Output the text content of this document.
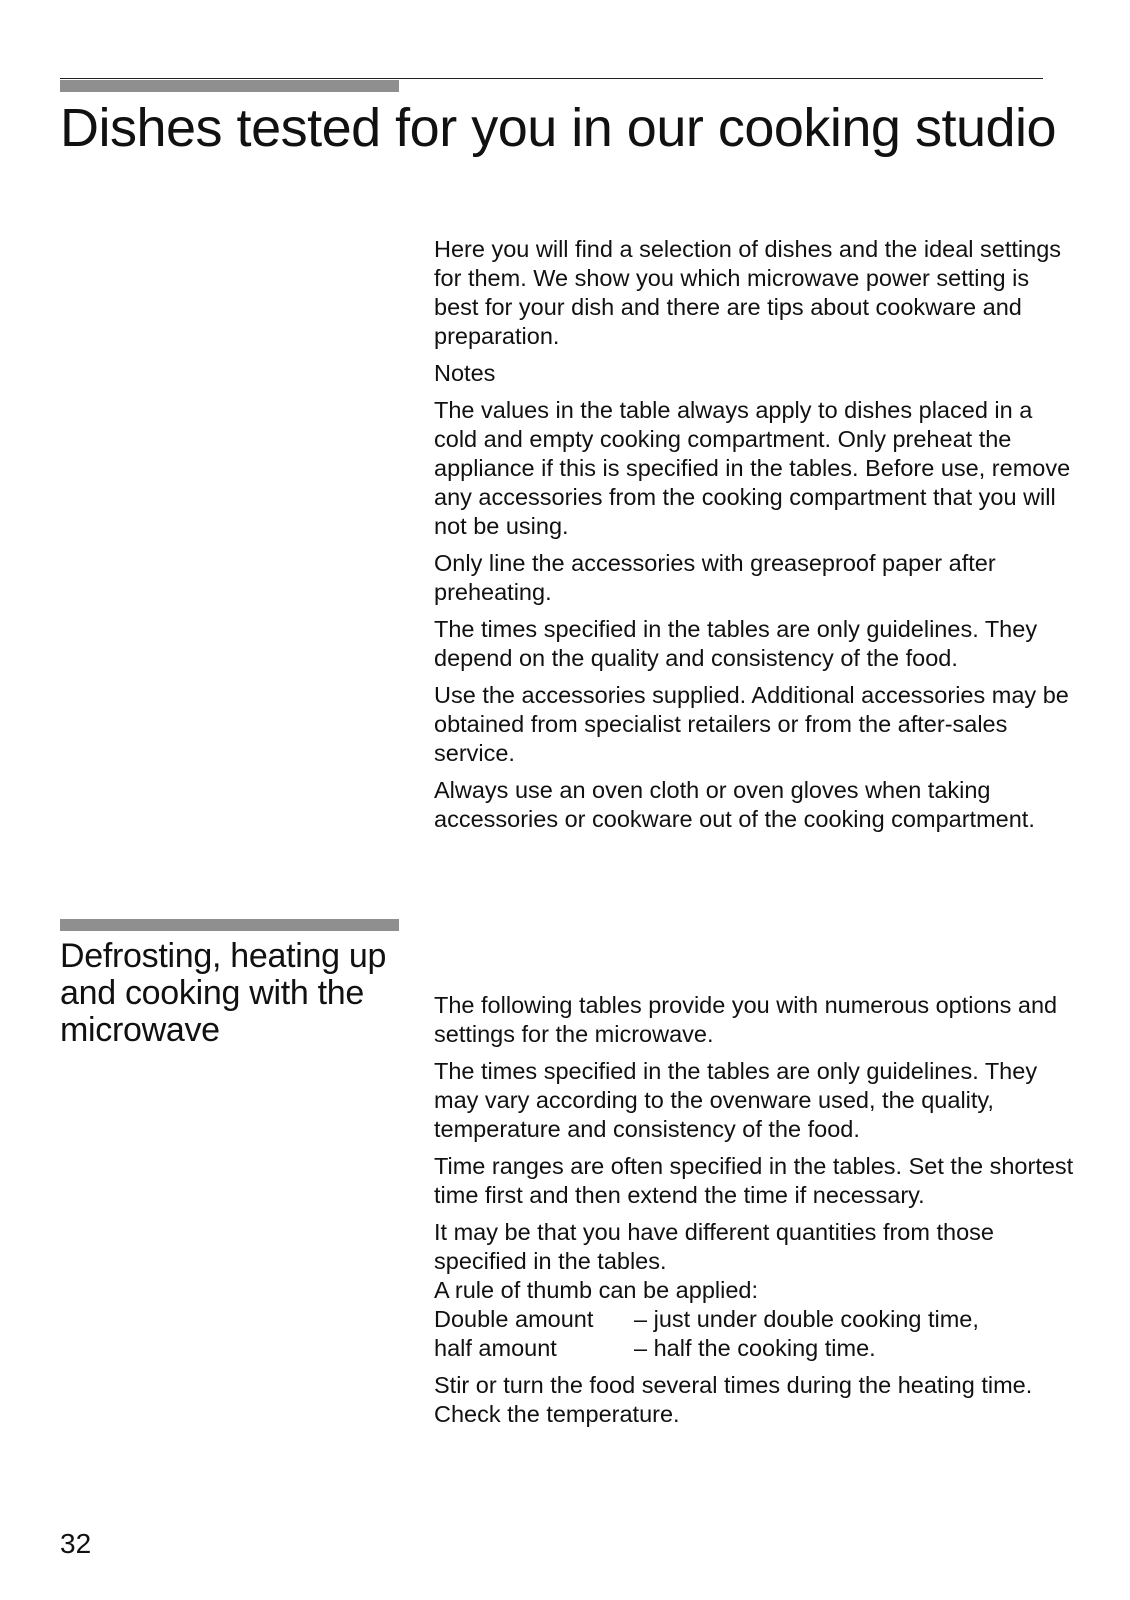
Dishes tested for you in our cooking studio

Here you will find a selection of dishes and the ideal settings for them. We show you which microwave power setting is best for your dish and there are tips about cookware and preparation.

Notes

The values in the table always apply to dishes placed in a cold and empty cooking compartment. Only preheat the appliance if this is specified in the tables. Before use, remove any accessories from the cooking compartment that you will not be using.

Only line the accessories with greaseproof paper after preheating.

The times specified in the tables are only guidelines. They depend on the quality and consistency of the food.

Use the accessories supplied. Additional accessories may be obtained from specialist retailers or from the after-sales service.

Always use an oven cloth or oven gloves when taking accessories or cookware out of the cooking compartment.

Defrosting, heating up and cooking with the microwave

The following tables provide you with numerous options and settings for the microwave.

The times specified in the tables are only guidelines. They may vary according to the ovenware used, the quality, temperature and consistency of the food.

Time ranges are often specified in the tables. Set the shortest time first and then extend the time if necessary.

It may be that you have different quantities from those specified in the tables.
A rule of thumb can be applied:
Double amount	– just under double cooking time,
half amount	– half the cooking time.

Stir or turn the food several times during the heating time. Check the temperature.

32
